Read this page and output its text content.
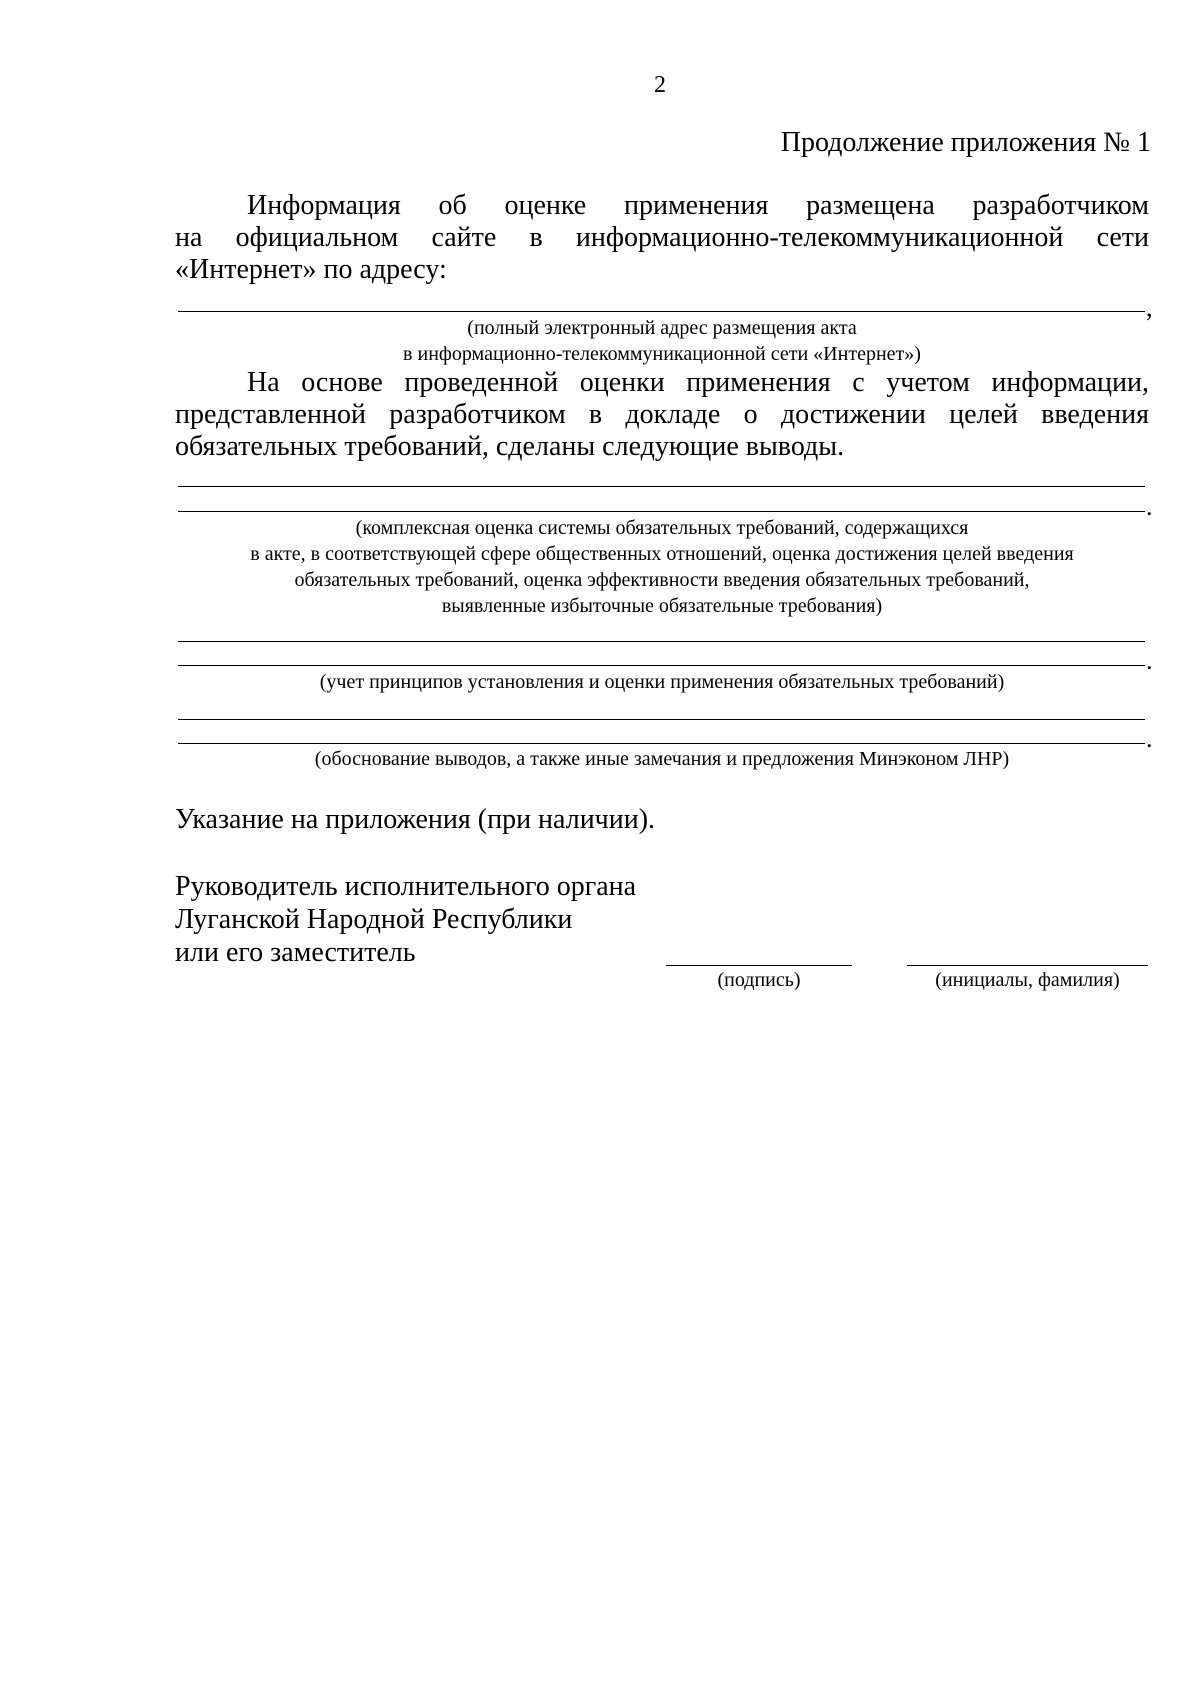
2
Продолжение приложения № 1
Информация об оценке применения размещена разработчиком
на официальном сайте в информационно-телекоммуникационной сети
«Интернет» по адресу:
,
(полный электронный адрес размещения акта
в информационно-телекоммуникационной сети «Интернет»)
На основе проведенной оценки применения с учетом информации,
представленной разработчиком в докладе о достижении целей введения
обязательных требований, сделаны следующие выводы.
.
(комплексная оценка системы обязательных требований, содержащихся
в акте, в соответствующей сфере общественных отношений, оценка достижения целей введения
обязательных требований, оценка эффективности введения обязательных требований,
выявленные избыточные обязательные требования)
.
(учет принципов установления и оценки применения обязательных требований)
.
(обоснование выводов, а также иные замечания и предложения Минэконом ЛНР)
Указание на приложения (при наличии).
Руководитель исполнительного органа
Луганской Народной Республики
или его заместитель
(подпись)	(инициалы, фамилия)
